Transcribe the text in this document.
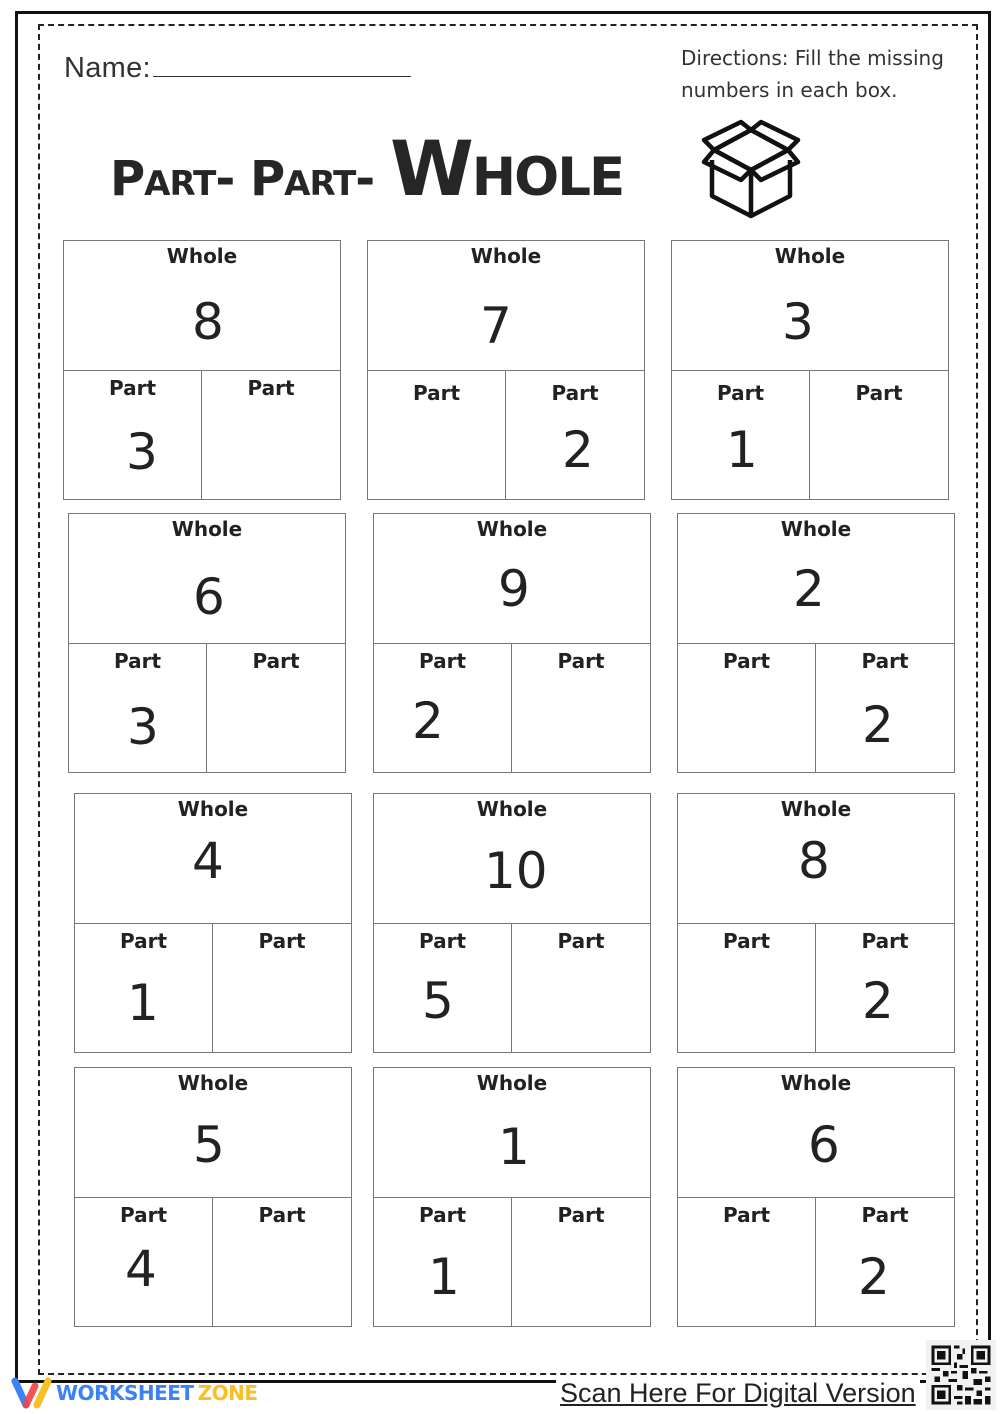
Name:	Directions: Fill the missing numbers in each box.
Part- Part- Whole
Whole
8
Part
3
Part
Whole
7
Part	Part
2
Whole
3
Part
1
Part
Whole
6
Part
3
Part
Whole
9
Part
2
Part
Whole
2
Part	Part
2
Whole
4
Part
1
Part
Whole
10
Part
5
Part
Whole
8
Part	Part
2
Whole
5
Part
4
Part
Whole
1
Part
1
Part
Whole
6
Part	Part
2
WORKSHEET ZONE	Scan Here For Digital Version
